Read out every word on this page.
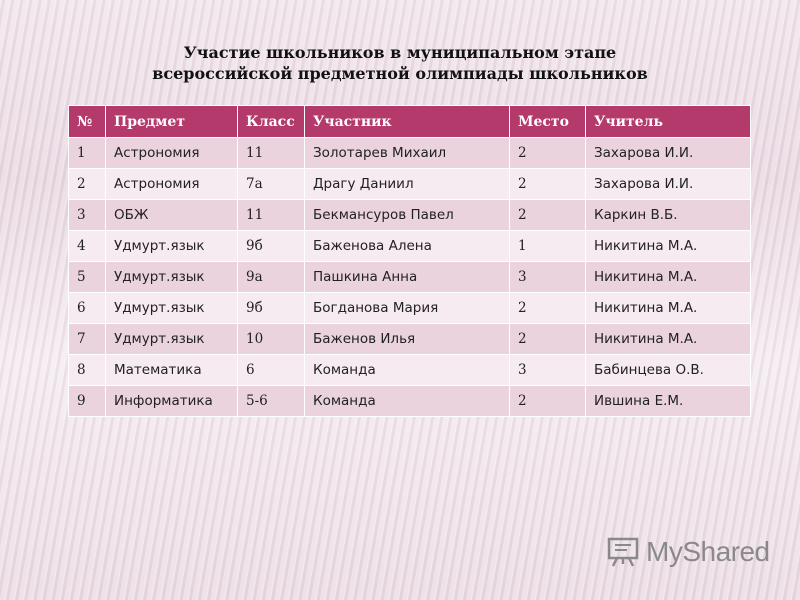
Участие школьников в муниципальном этапе
всероссийской предметной олимпиады школьников
№	Предмет	Класс	Участник	Место	Учитель
1	Астрономия	11	Золотарев Михаил	2	Захарова И.И.
2	Астрономия	7а	Драгу Даниил	2	Захарова И.И.
3	ОБЖ	11	Бекмансуров Павел	2	Каркин В.Б.
4	Удмурт.язык	9б	Баженова Алена	1	Никитина М.А.
5	Удмурт.язык	9а	Пашкина Анна	3	Никитина М.А.
6	Удмурт.язык	9б	Богданова Мария	2	Никитина М.А.
7	Удмурт.язык	10	Баженов Илья	2	Никитина М.А.
8	Математика	6	Команда	3	Бабинцева О.В.
9	Информатика	5-6	Команда	2	Ившина Е.М.
MyShared
